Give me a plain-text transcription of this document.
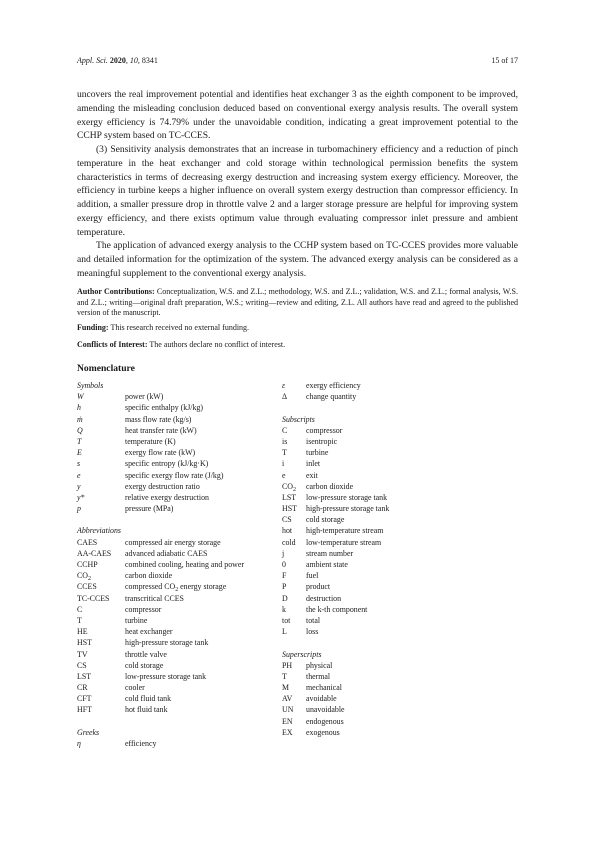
Appl. Sci. 2020, 10, 8341	15 of 17

uncovers the real improvement potential and identifies heat exchanger 3 as the eighth component to be improved, amending the misleading conclusion deduced based on conventional exergy analysis results. The overall system exergy efficiency is 74.79% under the unavoidable condition, indicating a great improvement potential to the CCHP system based on TC-CCES.

(3) Sensitivity analysis demonstrates that an increase in turbomachinery efficiency and a reduction of pinch temperature in the heat exchanger and cold storage within technological permission benefits the system characteristics in terms of decreasing exergy destruction and increasing system exergy efficiency. Moreover, the efficiency in turbine keeps a higher influence on overall system exergy destruction than compressor efficiency. In addition, a smaller pressure drop in throttle valve 2 and a larger storage pressure are helpful for improving system exergy efficiency, and there exists optimum value through evaluating compressor inlet pressure and ambient temperature.

The application of advanced exergy analysis to the CCHP system based on TC-CCES provides more valuable and detailed information for the optimization of the system. The advanced exergy analysis can be considered as a meaningful supplement to the conventional exergy analysis.

Author Contributions: Conceptualization, W.S. and Z.L.; methodology, W.S. and Z.L.; validation, W.S. and Z.L.; formal analysis, W.S. and Z.L.; writing—original draft preparation, W.S.; writing—review and editing, Z.L. All authors have read and agreed to the published version of the manuscript.
Funding: This research received no external funding.
Conflicts of Interest: The authors declare no conflict of interest.
Nomenclature
Symbols
W	power (kW)
h	specific enthalpy (kJ/kg)
ṁ	mass flow rate (kg/s)
Q	heat transfer rate (kW)
T	temperature (K)
E	exergy flow rate (kW)
s	specific entropy (kJ/kg·K)
e	specific exergy flow rate (J/kg)
y	exergy destruction ratio
y*	relative exergy destruction
p	pressure (MPa)
Abbreviations
CAES	compressed air energy storage
AA-CAES advanced adiabatic CAES
CCHP	combined cooling, heating and power
$CO_2$	carbon dioxide
CCES	compressed $CO_2$ energy storage
TC-CCES transcritical CCES
C	compressor
T	turbine
HE	heat exchanger
HST	high-pressure storage tank
TV	throttle valve
CS	cold storage
LST	low-pressure storage tank
CR	cooler
CFT	cold fluid tank
HFT	hot fluid tank
Greeks
η	efficiency
ε	exergy efficiency
Δ change quantity
Subscripts
C compressor
is isentropic
T turbine
i	inlet
e	exit
$CO_2$ carbon dioxide
LST low-pressure storage tank
HST high-pressure storage tank
CS cold storage
hot high-temperature stream
cold low-temperature stream
j	stream number
0	ambient state
F fuel
P product
D destruction
k	the k-th component
tot total
L loss
Superscripts
PH physical
T thermal
M mechanical
AV avoidable
UN unavoidable
EN endogenous
EX exogenous
